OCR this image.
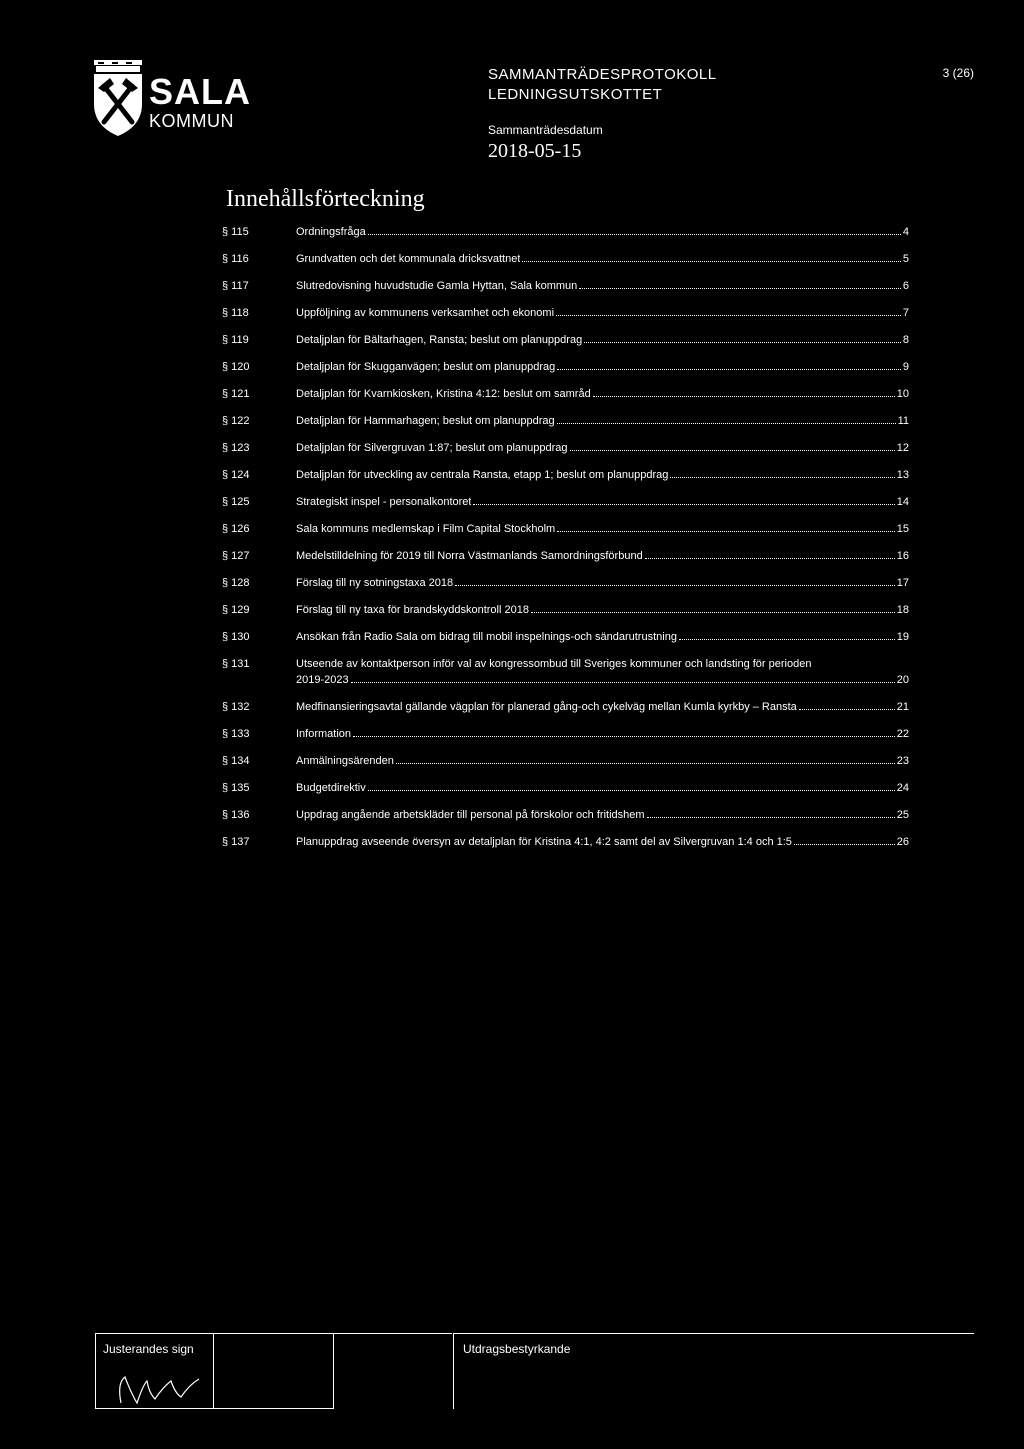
SALA
KOMMUN
SAMMANTRÄDESPROTOKOLL
LEDNINGSUTSKOTTET
Sammanträdesdatum
2018-05-15
3 (26)
Innehållsförteckning
§ 115	Ordningsfråga	4
§ 116	Grundvatten och det kommunala dricksvattnet	5
§ 117	Slutredovisning huvudstudie Gamla Hyttan, Sala kommun	6
§ 118	Uppföljning av kommunens verksamhet och ekonomi	7
§ 119	Detaljplan för Bältarhagen, Ransta; beslut om planuppdrag	8
§ 120	Detaljplan för Skugganvägen; beslut om planuppdrag	9
§ 121	Detaljplan för Kvarnkiosken, Kristina 4:12: beslut om samråd	10
§ 122	Detaljplan för Hammarhagen; beslut om planuppdrag	11
§ 123	Detaljplan för Silvergruvan 1:87; beslut om planuppdrag	12
§ 124	Detaljplan för utveckling av centrala Ransta, etapp 1; beslut om planuppdrag	13
§ 125	Strategiskt inspel - personalkontoret	14
§ 126	Sala kommuns medlemskap i Film Capital Stockholm	15
§ 127	Medelstilldelning för 2019 till Norra Västmanlands Samordningsförbund	16
§ 128	Förslag till ny sotningstaxa 2018	17
§ 129	Förslag till ny taxa för brandskyddskontroll 2018	18
§ 130	Ansökan från Radio Sala om bidrag till mobil inspelnings-och sändarutrustning	19
§ 131	Utseende av kontaktperson inför val av kongressombud till Sveriges kommuner och landsting för perioden
2019-2023	20
§ 132	Medfinansieringsavtal gällande vägplan för planerad gång-och cykelväg mellan Kumla kyrkby – Ransta	21
§ 133	Information	22
§ 134	Anmälningsärenden	23
§ 135	Budgetdirektiv	24
§ 136	Uppdrag angående arbetskläder till personal på förskolor och fritidshem	25
§ 137	Planuppdrag avseende översyn av detaljplan för Kristina 4:1, 4:2 samt del av Silvergruvan 1:4 och 1:5	26
Justerandes sign	Utdragsbestyrkande
